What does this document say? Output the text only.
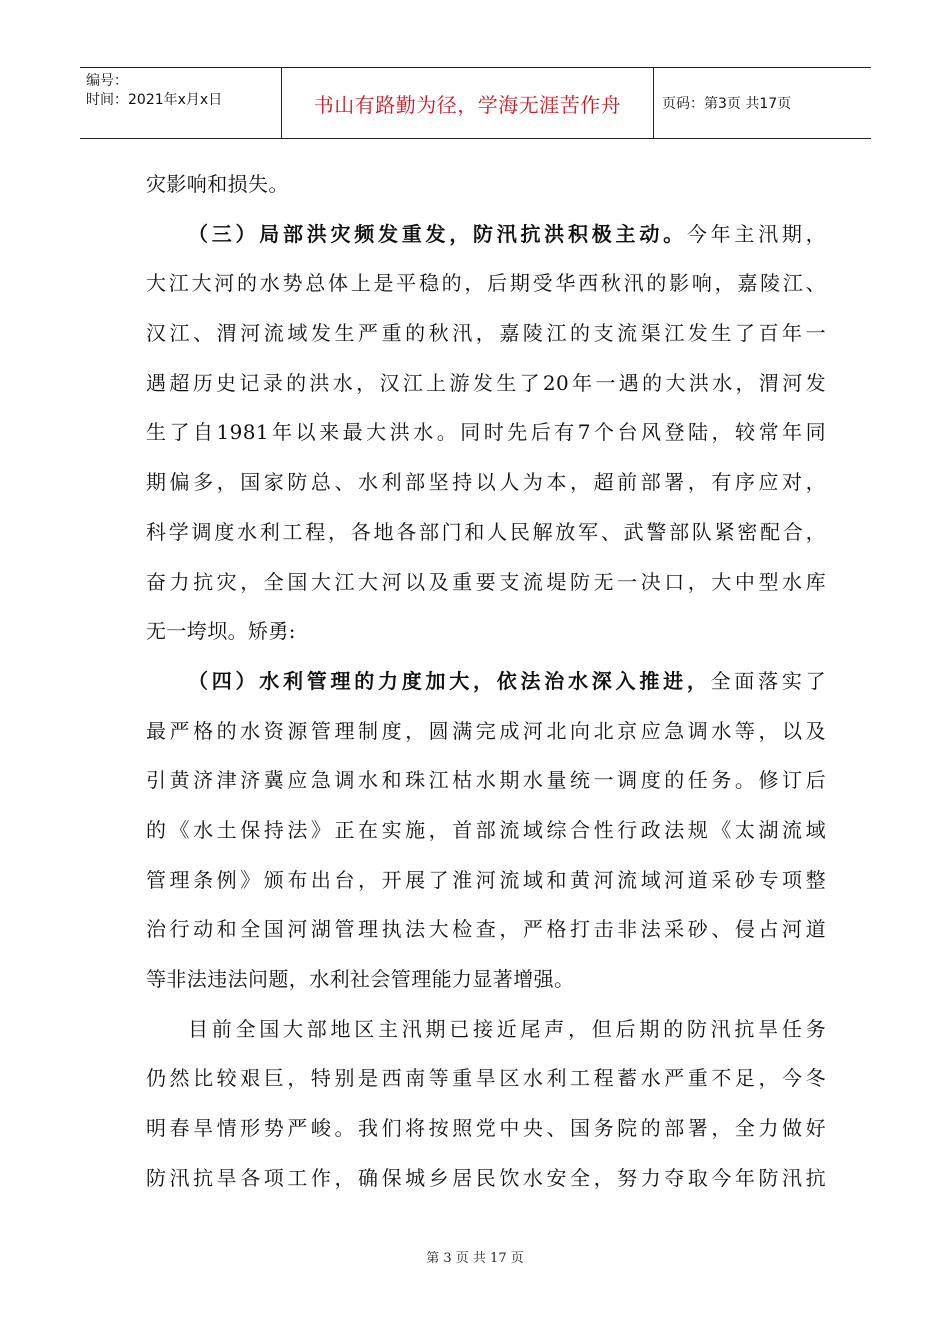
编号：
时间：2021年x月x日	书山有路勤为径，学海无涯苦作舟	页码：第3页 共17页
灾影响和损失。
（三）局部洪灾频发重发，防汛抗洪积极主动。今年主汛期，
大江大河的水势总体上是平稳的，后期受华西秋汛的影响，嘉陵江、
汉江、渭河流域发生严重的秋汛，嘉陵江的支流渠江发生了百年一
遇超历史记录的洪水，汉江上游发生了20年一遇的大洪水，渭河发
生了自1981年以来最大洪水。同时先后有7个台风登陆，较常年同
期偏多，国家防总、水利部坚持以人为本，超前部署，有序应对，
科学调度水利工程，各地各部门和人民解放军、武警部队紧密配合，
奋力抗灾，全国大江大河以及重要支流堤防无一决口，大中型水库
无一垮坝。矫勇:
（四）水利管理的力度加大，依法治水深入推进，全面落实了
最严格的水资源管理制度，圆满完成河北向北京应急调水等，以及
引黄济津济冀应急调水和珠江枯水期水量统一调度的任务。修订后
的《水土保持法》正在实施，首部流域综合性行政法规《太湖流域
管理条例》颁布出台，开展了淮河流域和黄河流域河道采砂专项整
治行动和全国河湖管理执法大检查，严格打击非法采砂、侵占河道
等非法违法问题，水利社会管理能力显著增强。
目前全国大部地区主汛期已接近尾声，但后期的防汛抗旱任务
仍然比较艰巨，特别是西南等重旱区水利工程蓄水严重不足，今冬
明春旱情形势严峻。我们将按照党中央、国务院的部署，全力做好
防汛抗旱各项工作，确保城乡居民饮水安全，努力夺取今年防汛抗
第 3 页 共 17 页
